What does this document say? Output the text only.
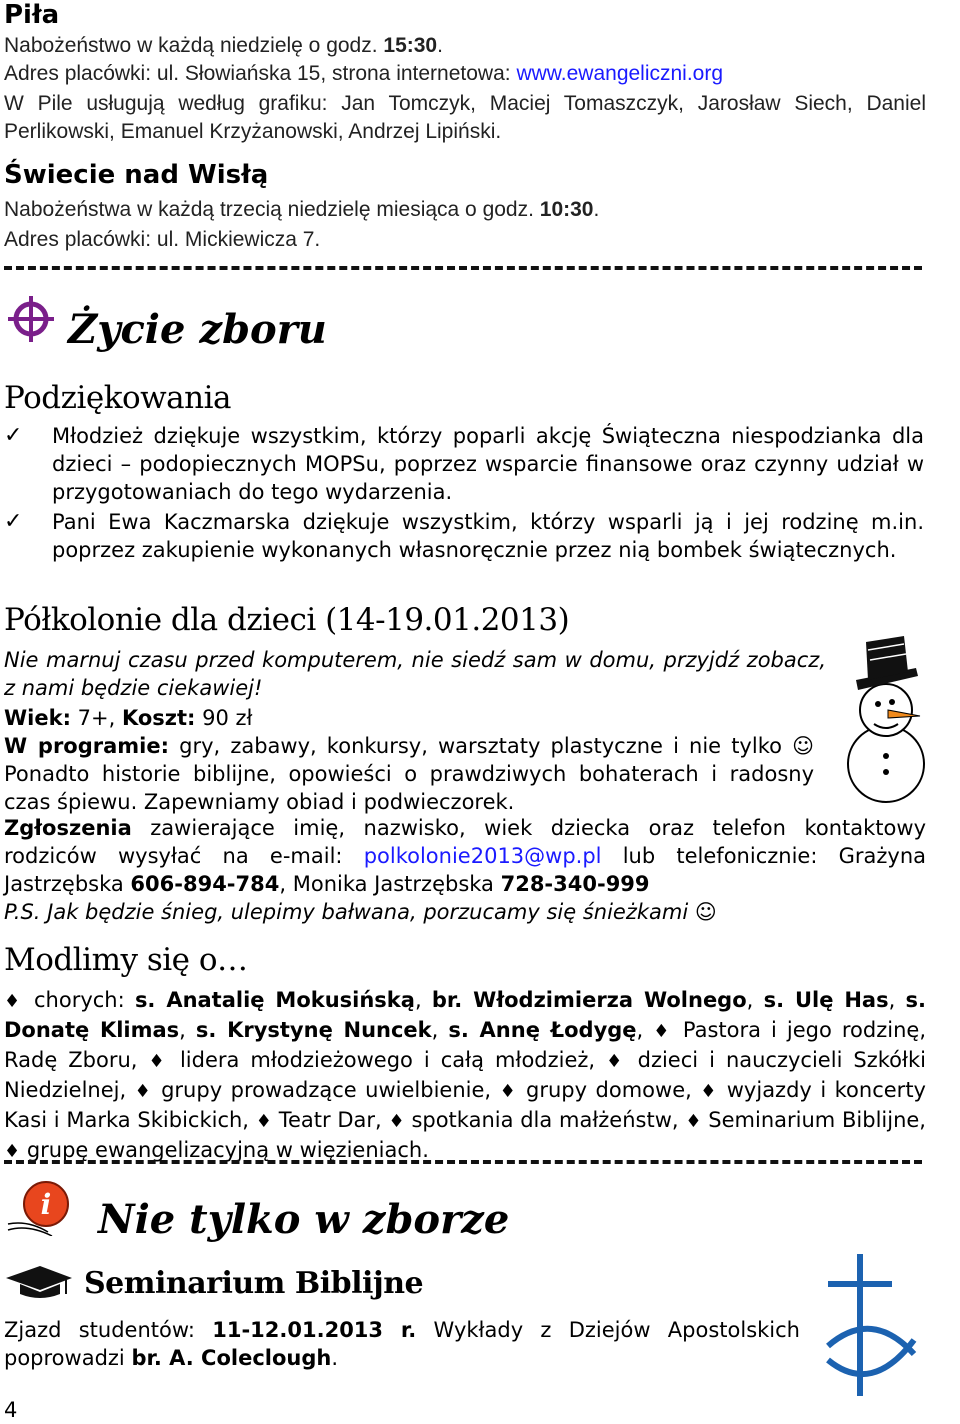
Piła
Nabożeństwo w każdą niedzielę o godz. 15:30.
Adres placówki: ul. Słowiańska 15, strona internetowa: www.ewangeliczni.org
W Pile usługują według grafiku: Jan Tomczyk, Maciej Tomaszczyk, Jarosław Siech, Daniel Perlikowski, Emanuel Krzyżanowski, Andrzej Lipiński.
Świecie nad Wisłą
Nabożeństwa w każdą trzecią niedzielę miesiąca o godz. 10:30.
Adres placówki: ul. Mickiewicza 7.
Życie zboru
Podziękowania
✓ Młodzież dziękuje wszystkim, którzy poparli akcję Świąteczna niespodzianka dla dzieci – podopiecznych MOPSu, poprzez wsparcie finansowe oraz czynny udział w przygotowaniach do tego wydarzenia.
✓ Pani Ewa Kaczmarska dziękuje wszystkim, którzy wsparli ją i jej rodzinę m.in. poprzez zakupienie wykonanych własnoręcznie przez nią bombek świątecznych.
Półkolonie dla dzieci (14-19.01.2013)
Nie marnuj czasu przed komputerem, nie siedź sam w domu, przyjdź zobacz, z nami będzie ciekawiej!
Wiek: 7+, Koszt: 90 zł
W programie: gry, zabawy, konkursy, warsztaty plastyczne i nie tylko ☺ Ponadto historie biblijne, opowieści o prawdziwych bohaterach i radosny czas śpiewu. Zapewniamy obiad i podwieczorek.
Zgłoszenia zawierające imię, nazwisko, wiek dziecka oraz telefon kontaktowy rodziców wysyłać na e-mail: polkolonie2013@wp.pl lub telefonicznie: Grażyna Jastrzębska 606-894-784, Monika Jastrzębska 728-340-999
P.S. Jak będzie śnieg, ulepimy bałwana, porzucamy się śnieżkami ☺
Modlimy się o…
♦ chorych: s. Anatalię Mokusińską, br. Włodzimierza Wolnego, s. Ulę Has, s. Donatę Klimas, s. Krystynę Nuncek, s. Annę Łodygę, ♦ Pastora i jego rodzinę, Radę Zboru, ♦ lidera młodzieżowego i całą młodzież, ♦ dzieci i nauczycieli Szkółki Niedzielnej, ♦ grupy prowadzące uwielbienie, ♦ grupy domowe, ♦ wyjazdy i koncerty Kasi i Marka Skibickich, ♦ Teatr Dar, ♦ spotkania dla małżeństw, ♦ Seminarium Biblijne, ♦ grupę ewangelizacyjną w więzieniach.
i Nie tylko w zborze
Seminarium Biblijne
Zjazd studentów: 11-12.01.2013 r. Wykłady z Dziejów Apostolskich poprowadzi br. A. Coleclough.
4
